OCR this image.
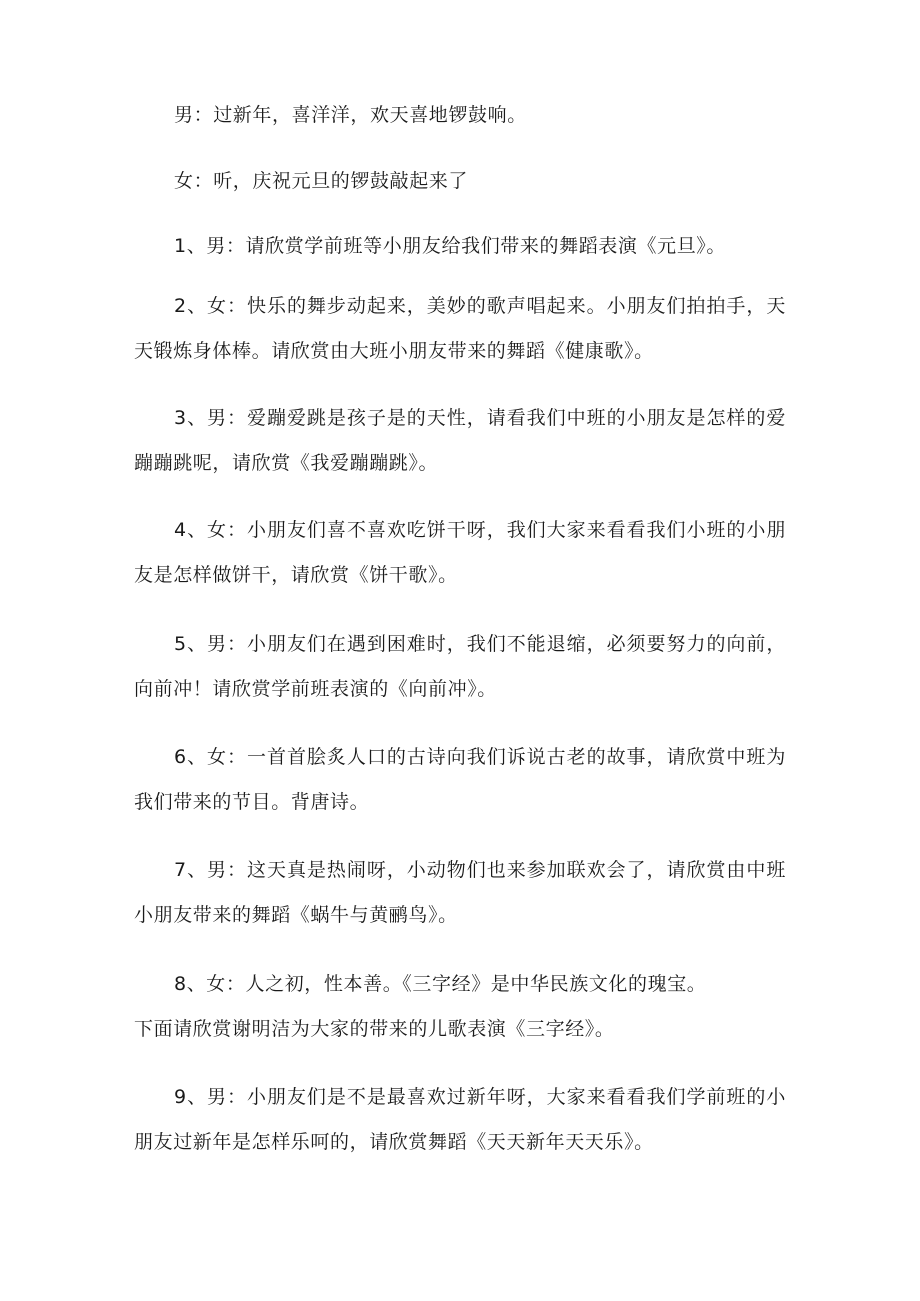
男：过新年，喜洋洋，欢天喜地锣鼓响。
女：听，庆祝元旦的锣鼓敲起来了
1、男：请欣赏学前班等小朋友给我们带来的舞蹈表演《元旦》。
2、女：快乐的舞步动起来，美妙的歌声唱起来。小朋友们拍拍手，天
天锻炼身体棒。请欣赏由大班小朋友带来的舞蹈《健康歌》。
3、男：爱蹦爱跳是孩子是的天性，请看我们中班的小朋友是怎样的爱
蹦蹦跳呢，请欣赏《我爱蹦蹦跳》。
4、女：小朋友们喜不喜欢吃饼干呀，我们大家来看看我们小班的小朋
友是怎样做饼干，请欣赏《饼干歌》。
5、男：小朋友们在遇到困难时，我们不能退缩，必须要努力的向前，
向前冲！请欣赏学前班表演的《向前冲》。
6、女：一首首脍炙人口的古诗向我们诉说古老的故事，请欣赏中班为
我们带来的节目。背唐诗。
7、男：这天真是热闹呀，小动物们也来参加联欢会了，请欣赏由中班
小朋友带来的舞蹈《蜗牛与黄鹂鸟》。
8、女：人之初，性本善。《三字经》是中华民族文化的瑰宝。
下面请欣赏谢明洁为大家的带来的儿歌表演《三字经》。
9、男：小朋友们是不是最喜欢过新年呀，大家来看看我们学前班的小
朋友过新年是怎样乐呵的，请欣赏舞蹈《天天新年天天乐》。
